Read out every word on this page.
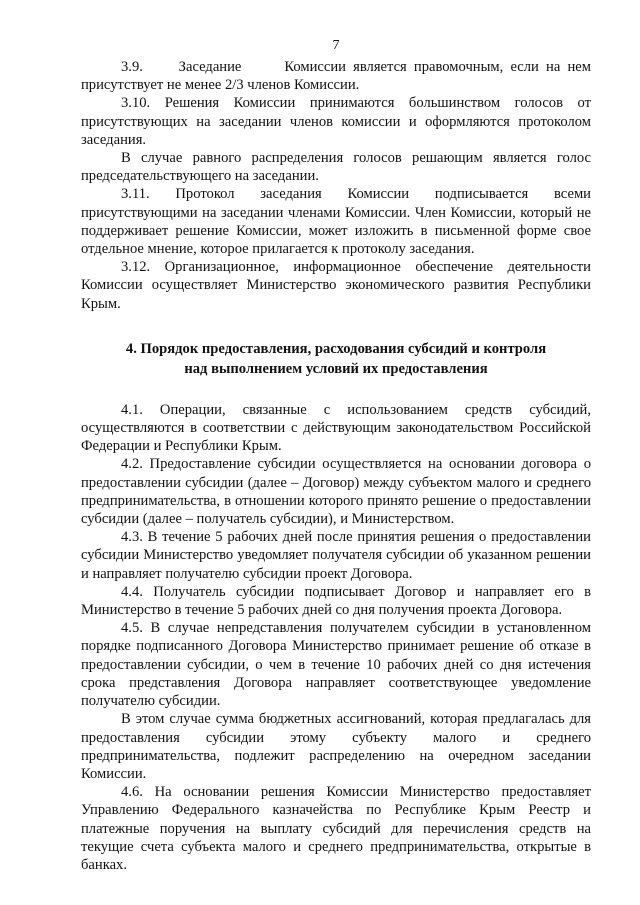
7

3.9.     Заседание      Комиссии является правомочным, если на нем присутствует не менее 2/3 членов Комиссии.

3.10. Решения Комиссии принимаются большинством голосов от присутствующих на заседании членов комиссии и оформляются протоколом заседания.

В случае равного распределения голосов решающим является голос председательствующего на заседании.

3.11. Протокол заседания Комиссии подписывается всеми присутствующими на заседании членами Комиссии. Член Комиссии, который не поддерживает решение Комиссии, может изложить в письменной форме свое отдельное мнение, которое прилагается к протоколу заседания.

3.12. Организационное, информационное обеспечение деятельности Комиссии осуществляет Министерство экономического развития Республики Крым.

4. Порядок предоставления, расходования субсидий и контроля
над выполнением условий их предоставления

4.1. Операции, связанные с использованием средств субсидий, осуществляются в соответствии с действующим законодательством Российской Федерации и Республики Крым.

4.2. Предоставление субсидии осуществляется на основании договора о предоставлении субсидии (далее – Договор) между субъектом малого и среднего предпринимательства, в отношении которого принято решение о предоставлении субсидии (далее – получатель субсидии), и Министерством.

4.3. В течение 5 рабочих дней после принятия решения о предоставлении субсидии Министерство уведомляет получателя субсидии об указанном решении и направляет получателю субсидии проект Договора.

4.4. Получатель субсидии подписывает Договор и направляет его в Министерство в течение 5 рабочих дней со дня получения проекта Договора.

4.5. В случае непредставления получателем субсидии в установленном порядке подписанного Договора Министерство принимает решение об отказе в предоставлении субсидии, о чем в течение 10 рабочих дней со дня истечения срока представления Договора направляет соответствующее уведомление получателю субсидии.

В этом случае сумма бюджетных ассигнований, которая предлагалась для предоставления субсидии этому субъекту малого и среднего предпринимательства, подлежит распределению на очередном заседании Комиссии.

4.6. На основании решения Комиссии Министерство предоставляет Управлению Федерального казначейства по Республике Крым Реестр и платежные поручения на выплату субсидий для перечисления средств на текущие счета субъекта малого и среднего предпринимательства, открытые в банках.
